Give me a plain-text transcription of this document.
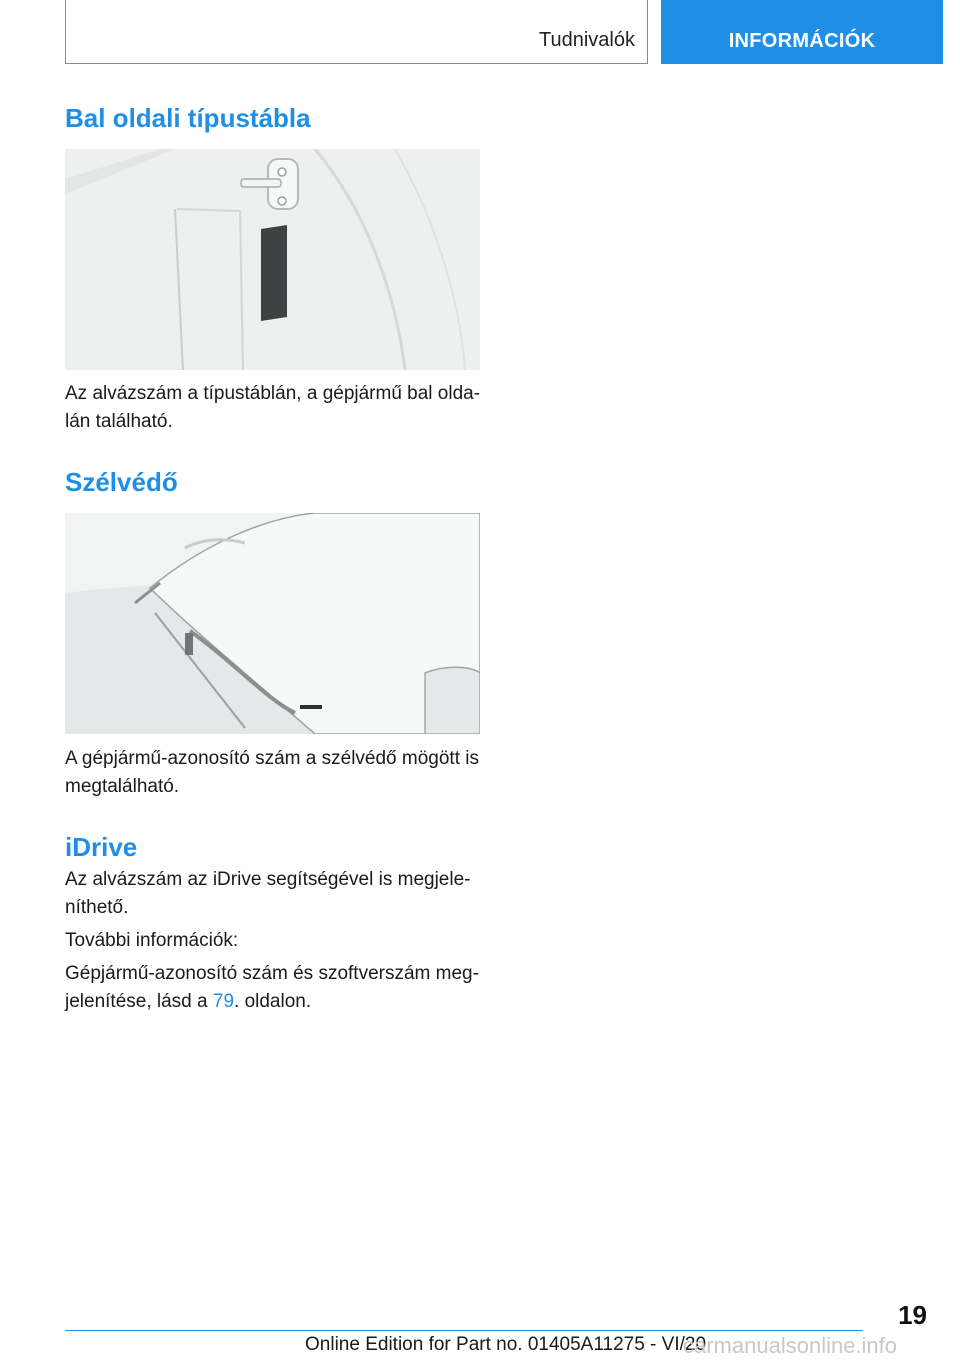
Tudnivalók	INFORMÁCIÓK
Bal oldali típustábla

Az alvázszám a típustáblán, a gépjármű bal olda-
lán található.

Szélvédő

A gépjármű-azonosító szám a szélvédő mögött is
megtalálható.

iDrive

Az alvázszám az iDrive segítségével is megjele-
níthető.

További információk:

Gépjármű-azonosító szám és szoftverszám meg-
jelenítése, lásd a 79. oldalon.

19
Online Edition for Part no. 01405A11275 - VI/20
carmanualsonline.info
